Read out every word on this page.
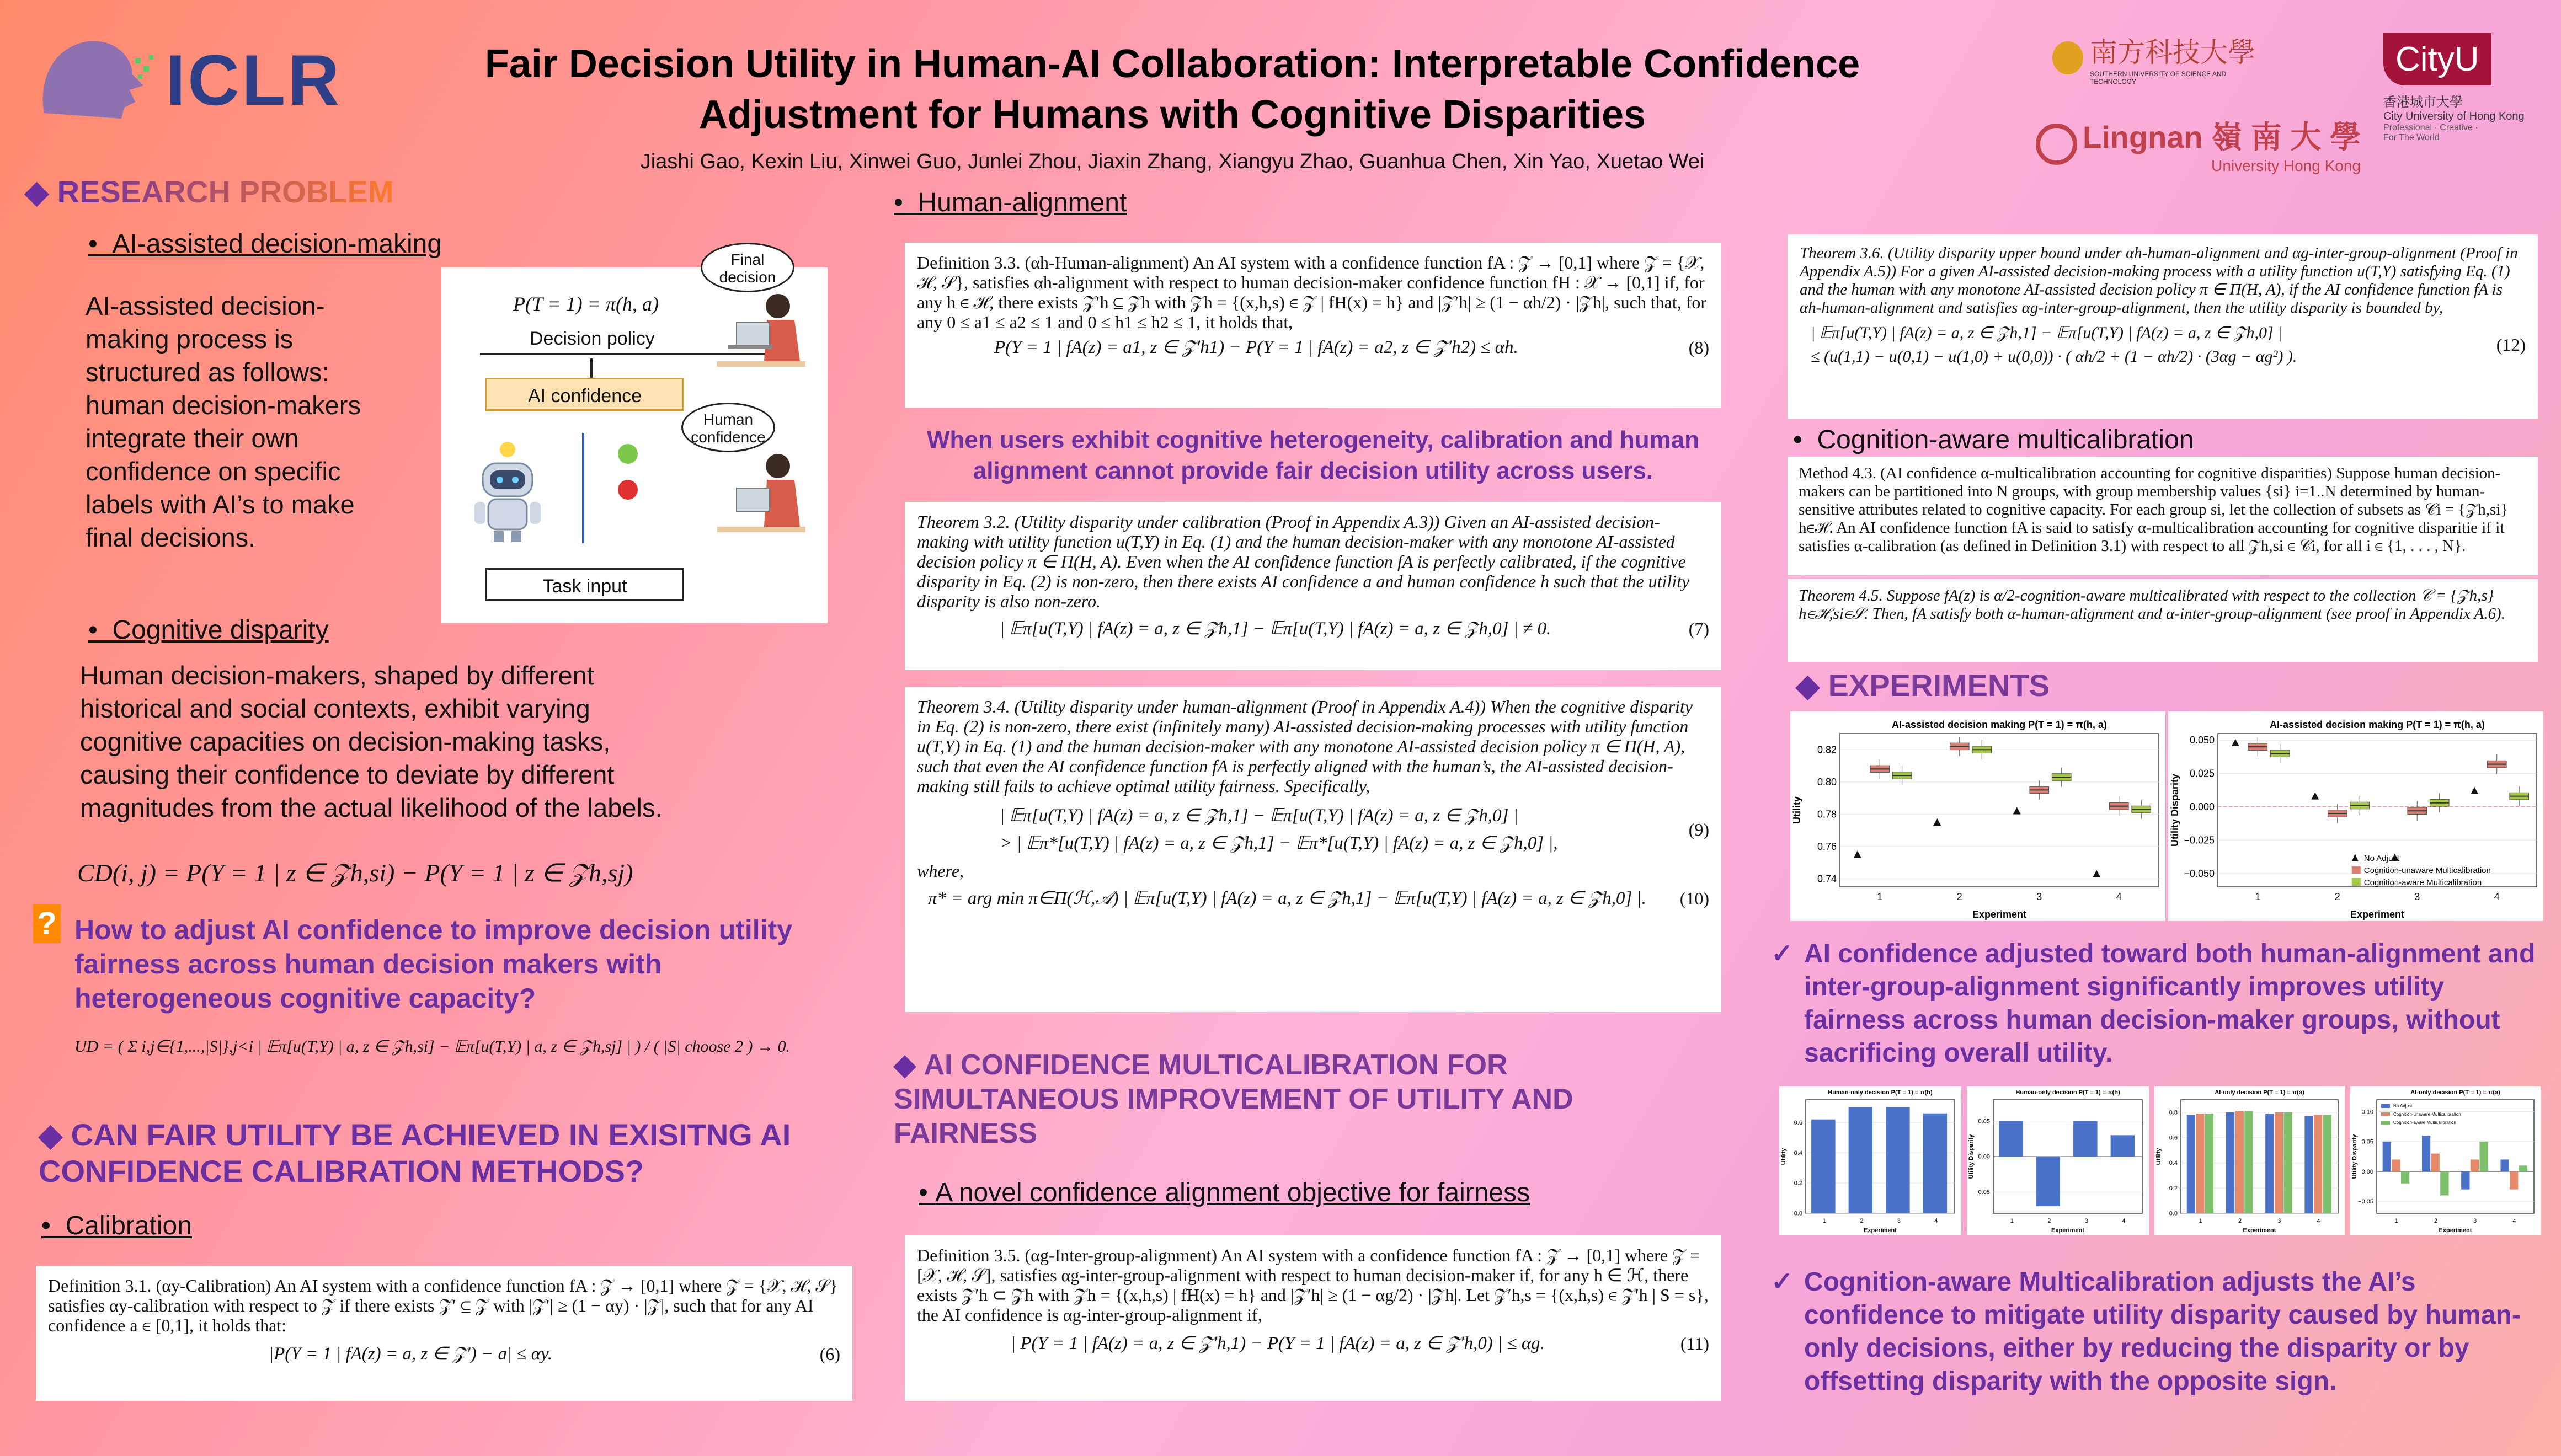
ICLR	Fair Decision Utility in Human-AI Collaboration: Interpretable Confidence
Adjustment for Humans with Cognitive Disparities
Jiashi Gao, Kexin Liu, Xinwei Guo, Junlei Zhou, Jiaxin Zhang, Xiangyu Zhao, Guanhua Chen, Xin Yao, Xuetao Wei
南方科技大學
SOUTHERN UNIVERSITY OF SCIENCE AND TECHNOLOGY
Lingnan 嶺 南 大 學
University Hong Kong
CityU
香港城市大學
City University of Hong Kong
Professional · Creative · For The World
◆ RESEARCH PROBLEM
•  AI-assisted decision-making
AI-assisted decision-making process is structured as follows: human decision-makers integrate their own confidence on specific labels with AI’s to make final decisions.
P(T = 1) = π(h, a)
Decision policy
AI confidence
Task input
Final decision
Human confidence
•  Cognitive disparity
Human decision-makers, shaped by different historical and social contexts, exhibit varying cognitive capacities on decision-making tasks, causing their confidence to deviate by different magnitudes from the actual likelihood of the labels.
CD(i, j) = P(Y = 1 | z ∈ 𝒵h,si) − P(Y = 1 | z ∈ 𝒵h,sj)
? How to adjust AI confidence to improve decision utility fairness across human decision makers with heterogeneous cognitive capacity?
UD = ( Σ i,j∈{1,...,|S|},j<i | 𝔼π[u(T,Y) | a, z ∈ 𝒵h,si] − 𝔼π[u(T,Y) | a, z ∈ 𝒵h,sj] | ) / ( |S| choose 2 ) → 0.
◆ CAN FAIR UTILITY BE ACHIEVED IN EXISITNG AI CONFIDENCE CALIBRATION METHODS?
•  Calibration
Definition 3.1. (αy-Calibration) An AI system with a confidence function fA : 𝒵 → [0,1] where 𝒵 = {𝒳, ℋ, 𝒮} satisfies αy-calibration with respect to 𝒵 if there exists 𝒵′ ⊆ 𝒵 with |𝒵′| ≥ (1 − αy) · |𝒵|, such that for any AI confidence a ∈ [0,1], it holds that:
|P(Y = 1 | fA(z) = a, z ∈ 𝒵′) − a| ≤ αy.	(6)
•  Human-alignment
Definition 3.3. (αh-Human-alignment) An AI system with a confidence function fA : 𝒵 → [0,1] where 𝒵 = {𝒳, ℋ, 𝒮}, satisfies αh-alignment with respect to human decision-maker confidence function fH : 𝒳 → [0,1] if, for any h ∈ ℋ, there exists 𝒵′h ⊆ 𝒵h with 𝒵h = {(x,h,s) ∈ 𝒵 | fH(x) = h} and |𝒵′h| ≥ (1 − αh/2) · |𝒵h|, such that, for any 0 ≤ a1 ≤ a2 ≤ 1 and 0 ≤ h1 ≤ h2 ≤ 1, it holds that,
P(Y = 1 | fA(z) = a1, z ∈ 𝒵′h1) − P(Y = 1 | fA(z) = a2, z ∈ 𝒵′h2) ≤ αh.	(8)
When users exhibit cognitive heterogeneity, calibration and human alignment cannot provide fair decision utility across users.
Theorem 3.2. (Utility disparity under calibration (Proof in Appendix A.3)) Given an AI-assisted decision-making with utility function u(T,Y) in Eq. (1) and the human decision-maker with any monotone AI-assisted decision policy π ∈ Π(H, A). Even when the AI confidence function fA is perfectly calibrated, if the cognitive disparity in Eq. (2) is non-zero, then there exists AI confidence a and human confidence h such that the utility disparity is also non-zero.
| 𝔼π[u(T,Y) | fA(z) = a, z ∈ 𝒵h,1] − 𝔼π[u(T,Y) | fA(z) = a, z ∈ 𝒵h,0] | ≠ 0.	(7)
Theorem 3.4. (Utility disparity under human-alignment (Proof in Appendix A.4)) When the cognitive disparity in Eq. (2) is non-zero, there exist (infinitely many) AI-assisted decision-making processes with utility function u(T,Y) in Eq. (1) and the human decision-maker with any monotone AI-assisted decision policy π ∈ Π(H, A), such that even the AI confidence function fA is perfectly aligned with the human’s, the AI-assisted decision-making still fails to achieve optimal utility fairness. Specifically,
| 𝔼π[u(T,Y) | fA(z) = a, z ∈ 𝒵h,1] − 𝔼π[u(T,Y) | fA(z) = a, z ∈ 𝒵h,0] |
> | 𝔼π*[u(T,Y) | fA(z) = a, z ∈ 𝒵h,1] − 𝔼π*[u(T,Y) | fA(z) = a, z ∈ 𝒵h,0] |,
(9)
where,
π* = arg min π∈Π(ℋ,𝒜) | 𝔼π[u(T,Y) | fA(z) = a, z ∈ 𝒵h,1] − 𝔼π[u(T,Y) | fA(z) = a, z ∈ 𝒵h,0] |. (10)
◆ AI CONFIDENCE MULTICALIBRATION FOR SIMULTANEOUS IMPROVEMENT OF UTILITY AND FAIRNESS
• A novel confidence alignment objective for fairness
Definition 3.5. (αg-Inter-group-alignment) An AI system with a confidence function fA : 𝒵 → [0,1] where 𝒵 = [𝒳, ℋ, 𝒮], satisfies αg-inter-group-alignment with respect to human decision-maker if, for any h ∈ ℋ, there exists 𝒵′h ⊂ 𝒵h with 𝒵h = {(x,h,s) | fH(x) = h} and |𝒵′h| ≥ (1 − αg/2) · |𝒵h|. Let 𝒵′h,s = {(x,h,s) ∈ 𝒵′h | S = s}, the AI confidence is αg-inter-group-alignment if,
| P(Y = 1 | fA(z) = a, z ∈ 𝒵′h,1) − P(Y = 1 | fA(z) = a, z ∈ 𝒵′h,0) | ≤ αg.	(11)
Theorem 3.6. (Utility disparity upper bound under αh-human-alignment and αg-inter-group-alignment (Proof in Appendix A.5)) For a given AI-assisted decision-making process with a utility function u(T,Y) satisfying Eq. (1) and the human with any monotone AI-assisted decision policy π ∈ Π(H, A), if the AI confidence function fA is αh-human-alignment and satisfies αg-inter-group-alignment, then the utility disparity is bounded by,
| 𝔼π[u(T,Y) | fA(z) = a, z ∈ 𝒵h,1] − 𝔼π[u(T,Y) | fA(z) = a, z ∈ 𝒵h,0] |
≤ (u(1,1) − u(0,1) − u(1,0) + u(0,0)) · ( αh/2 + (1 − αh/2) · (3αg − αg²) ).
(12)
•  Cognition-aware multicalibration
Method 4.3. (AI confidence α-multicalibration accounting for cognitive disparities) Suppose human decision-makers can be partitioned into N groups, with group membership values {si} i=1..N determined by human-sensitive attributes related to cognitive capacity. For each group si, let the collection of subsets as 𝒞i = {𝒵h,si} h∈ℋ. An AI confidence function fA is said to satisfy α-multicalibration accounting for cognitive disparitie if it satisfies α-calibration (as defined in Definition 3.1) with respect to all 𝒵h,si ∈ 𝒞i, for all i ∈ {1, . . . , N}.
Theorem 4.5. Suppose fA(z) is α/2-cognition-aware multicalibrated with respect to the collection 𝒞 = {𝒵h,s} h∈ℋ,si∈𝒮. Then, fA satisfy both α-human-alignment and α-inter-group-alignment (see proof in Appendix A.6).
◆ EXPERIMENTS
AI-assisted decision making P(T = 1) = π(h, a)
0.74
0.76
0.78
0.80
0.82
Experiment
Utility
1	2	3	4
AI-assisted decision making P(T = 1) = π(h, a)
−0.050
−0.025
0.000
0.025
0.050
Experiment
Utility Disparity
1	2	3	4
No Adjust
Cognition-unaware Multicalibration
Cognition-aware Multicalibration
✓ AI confidence adjusted toward both human-alignment and inter-group-alignment significantly improves utility fairness across human decision-maker groups, without sacrificing overall utility.
Human-only decision P(T = 1) = π(h)
0.0
0.2
0.4
0.6
Experiment
Utility
1	2	3	4
Human-only decision P(T = 1) = π(h)
−0.05
0.00
0.05
Experiment
Utility Disparity
1	2	3	4
AI-only decision P(T = 1) = π(a)
0.0
0.2
0.4
0.6
0.8
Experiment
Utility
1	2	3	4
AI-only decision P(T = 1) = π(a)
−0.05
0.00
0.05
0.10
Experiment
Utility Disparity
1	2	3	4
No Adjust
Cognition-unaware Multicalibration
Cognition-aware Multicalibration
✓ Cognition-aware Multicalibration adjusts the AI’s confidence to mitigate utility disparity caused by human-only decisions, either by reducing the disparity or by offsetting disparity with the opposite sign.
